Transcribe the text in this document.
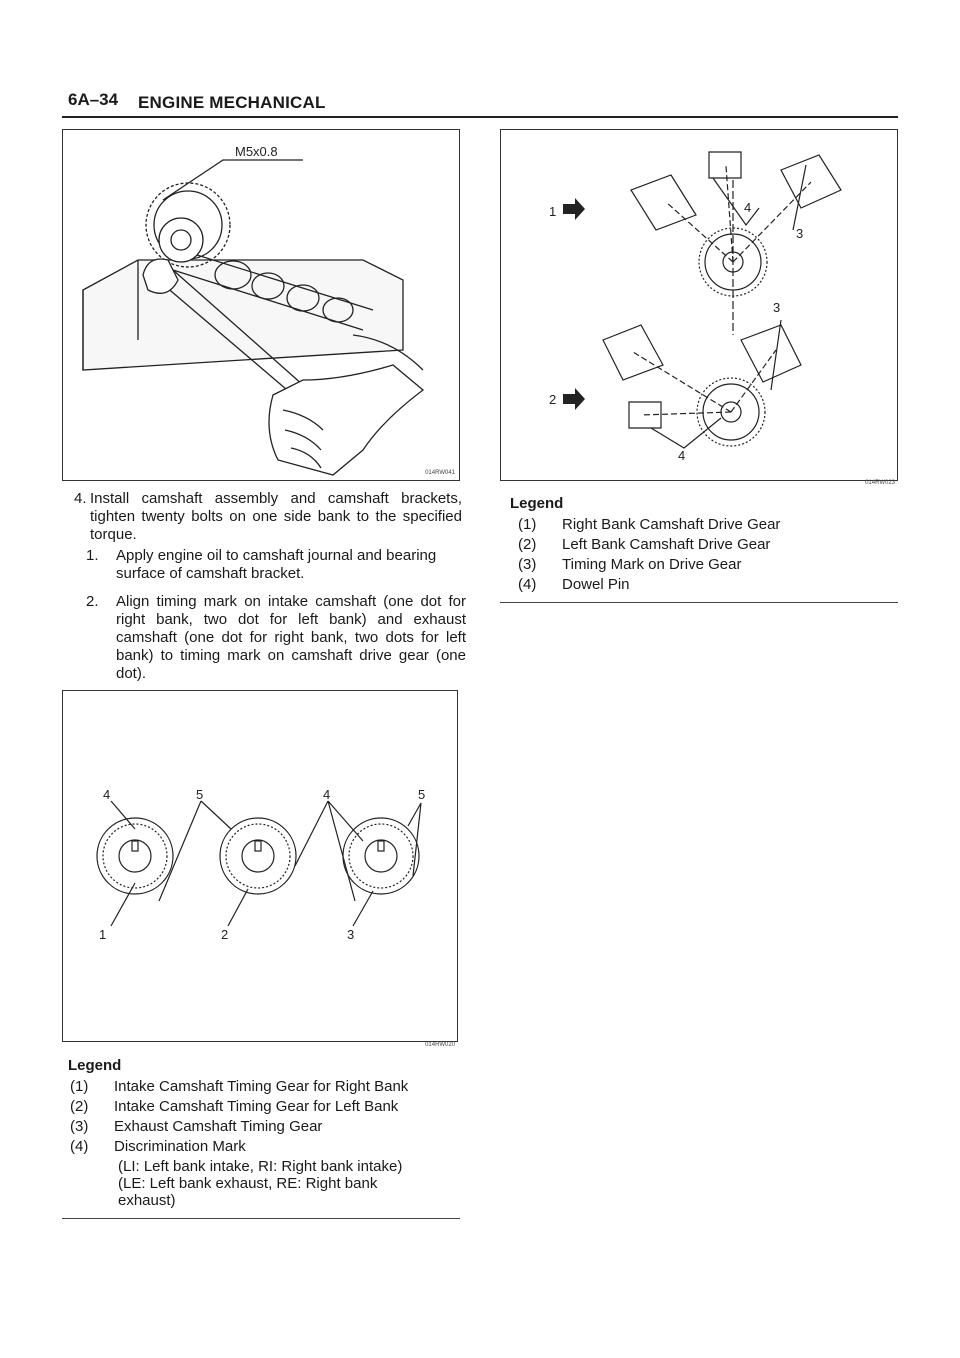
6A–34 ENGINE MECHANICAL
M5x0.8
014RW041
4. Install camshaft assembly and camshaft brackets, tighten twenty bolts on one side bank to the specified torque.
1. Apply engine oil to camshaft journal and bearing surface of camshaft bracket.
2. Align timing mark on intake camshaft (one dot for right bank, two dot for left bank) and exhaust camshaft (one dot for right bank, two dots for left bank) to timing mark on camshaft drive gear (one dot).
4	5	4	5
1	2	3
014RW020
Legend
(1) Intake Camshaft Timing Gear for Right Bank
(2) Intake Camshaft Timing Gear for Left Bank
(3) Exhaust Camshaft Timing Gear
(4) Discrimination Mark
(LI: Left bank intake, RI: Right bank intake)
(LE: Left bank exhaust, RE: Right bank
exhaust)
1
2
3
3
4
4
014RW023
Legend
(1) Right Bank Camshaft Drive Gear
(2) Left Bank Camshaft Drive Gear
(3) Timing Mark on Drive Gear
(4) Dowel Pin
